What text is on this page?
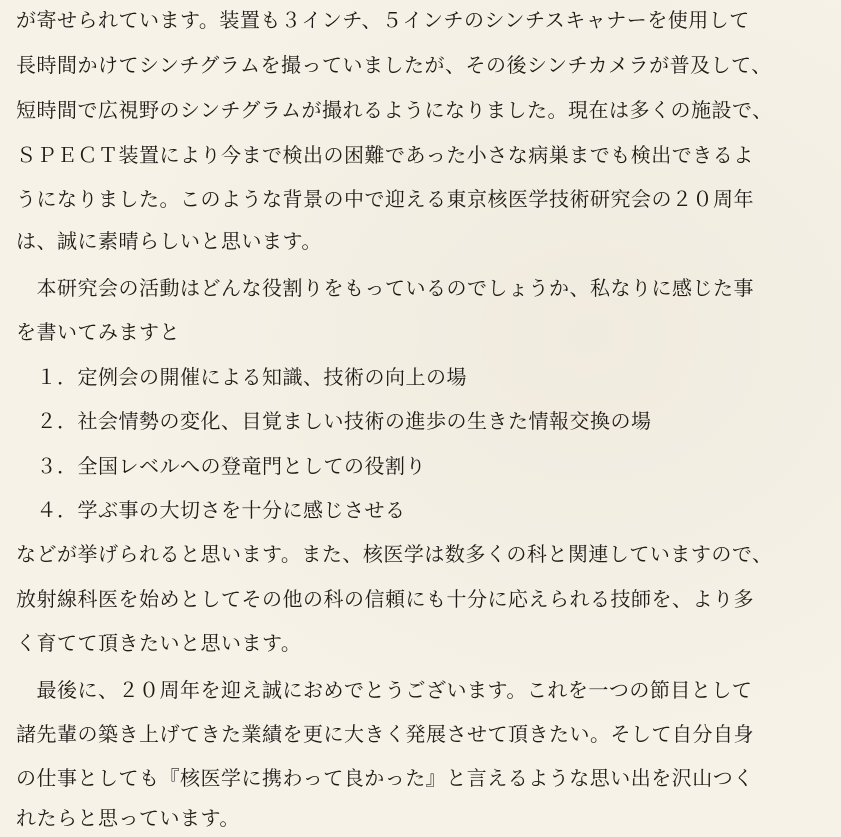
が寄せられています。装置も３インチ、５インチのシンチスキャナーを使用して
長時間かけてシンチグラムを撮っていましたが、その後シンチカメラが普及して、
短時間で広視野のシンチグラムが撮れるようになりました。現在は多くの施設で、
ＳＰＥＣＴ装置により今まで検出の困難であった小さな病巣までも検出できるよ
うになりました。このような背景の中で迎える東京核医学技術研究会の２０周年
は、誠に素晴らしいと思います。
　本研究会の活動はどんな役割りをもっているのでしょうか、私なりに感じた事
を書いてみますと
　１．定例会の開催による知識、技術の向上の場
　２．社会情勢の変化、目覚ましい技術の進歩の生きた情報交換の場
　３．全国レベルへの登竜門としての役割り
　４．学ぶ事の大切さを十分に感じさせる
などが挙げられると思います。また、核医学は数多くの科と関連していますので、
放射線科医を始めとしてその他の科の信頼にも十分に応えられる技師を、より多
く育てて頂きたいと思います。
　最後に、２０周年を迎え誠におめでとうございます。これを一つの節目として
諸先輩の築き上げてきた業績を更に大きく発展させて頂きたい。そして自分自身
の仕事としても『核医学に携わって良かった』と言えるような思い出を沢山つく
れたらと思っています。
